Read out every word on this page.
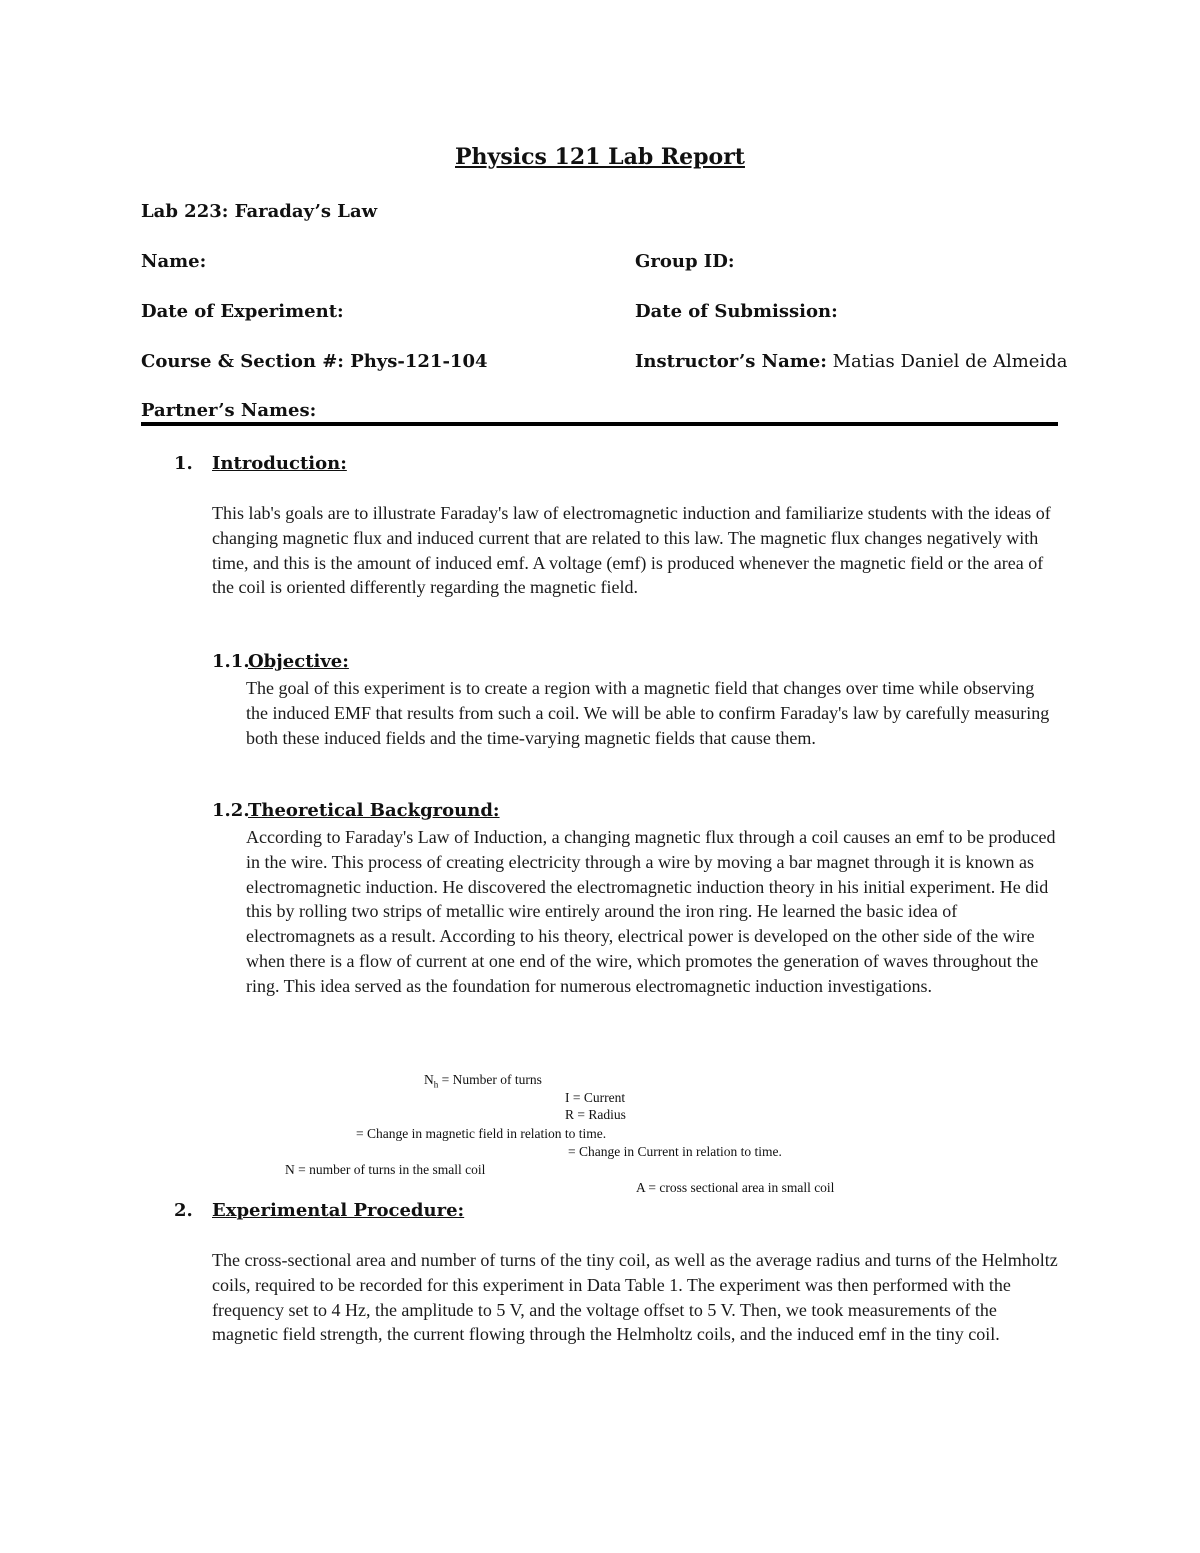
Physics 121 Lab Report
Lab 223: Faraday’s Law
Name:	Group ID:
Date of Experiment:	Date of Submission:
Course & Section #: Phys-121-104	Instructor’s Name: Matias Daniel de Almeida
Partner’s Names:
1. Introduction:

This lab's goals are to illustrate Faraday's law of electromagnetic induction and familiarize students with the ideas of changing magnetic flux and induced current that are related to this law. The magnetic flux changes negatively with time, and this is the amount of induced emf. A voltage (emf) is produced whenever the magnetic field or the area of the coil is oriented differently regarding the magnetic field.

1.1.
Objective:

The goal of this experiment is to create a region with a magnetic field that changes over time while observing the induced EMF that results from such a coil. We will be able to confirm Faraday's law by carefully measuring both these induced fields and the time-varying magnetic fields that cause them.

1.2.
Theoretical Background:

According to Faraday's Law of Induction, a changing magnetic flux through a coil causes an emf to be produced in the wire. This process of creating electricity through a wire by moving a bar magnet through it is known as electromagnetic induction. He discovered the electromagnetic induction theory in his initial experiment. He did this by rolling two strips of metallic wire entirely around the iron ring. He learned the basic idea of electromagnets as a result. According to his theory, electrical power is developed on the other side of the wire when there is a flow of current at one end of the wire, which promotes the generation of waves throughout the ring. This idea served as the foundation for numerous electromagnetic induction investigations.

$N_h$ = Number of turns
I = Current
R = Radius
= Change in magnetic field in relation to time.
= Change in Current in relation to time.
N = number of turns in the small coil
A = cross sectional area in small coil
2. Experimental Procedure:

The cross-sectional area and number of turns of the tiny coil, as well as the average radius and turns of the Helmholtz coils, required to be recorded for this experiment in Data Table 1. The experiment was then performed with the frequency set to 4 Hz, the amplitude to 5 V, and the voltage offset to 5 V. Then, we took measurements of the magnetic field strength, the current flowing through the Helmholtz coils, and the induced emf in the tiny coil.
